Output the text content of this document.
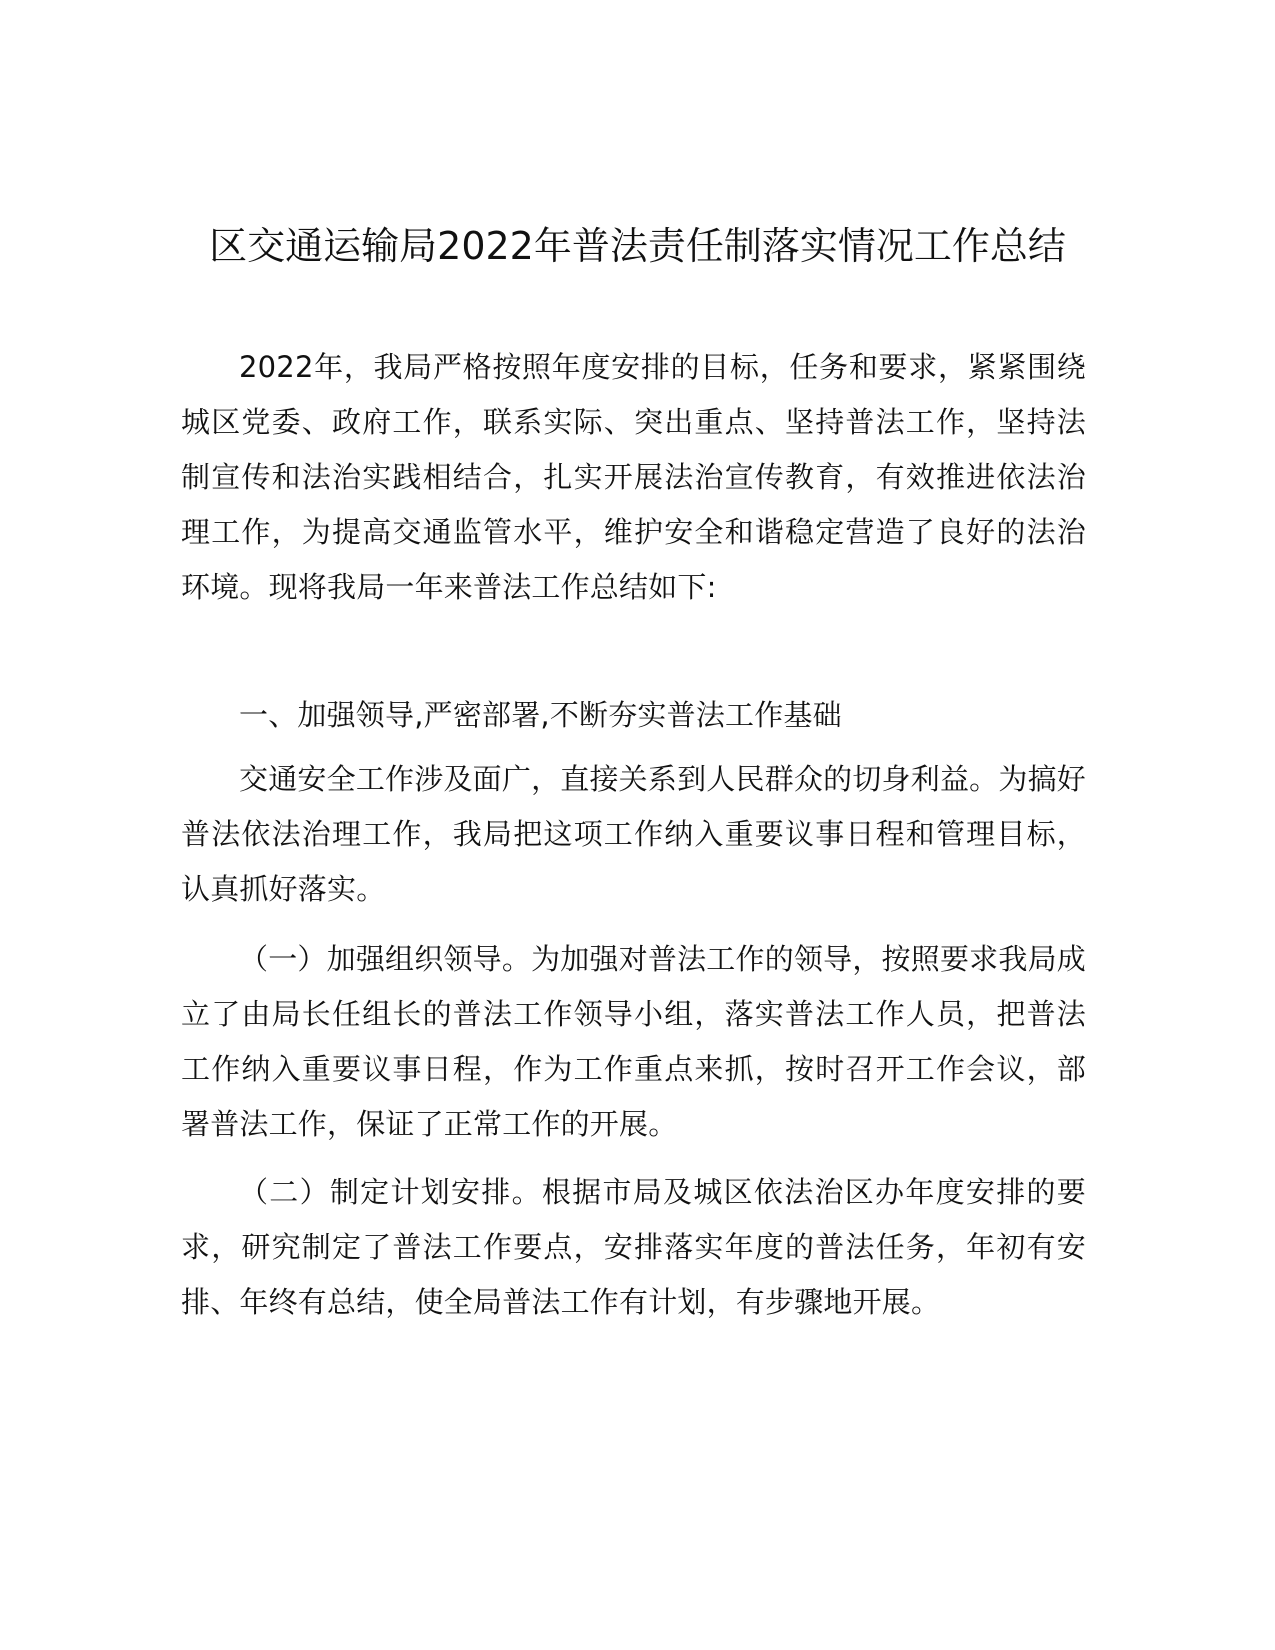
区交通运输局2022年普法责任制落实情况工作总结

2022年，我局严格按照年度安排的目标，任务和要求，紧紧围绕城区党委、政府工作，联系实际、突出重点、坚持普法工作，坚持法制宣传和法治实践相结合，扎实开展法治宣传教育，有效推进依法治理工作，为提高交通监管水平，维护安全和谐稳定营造了良好的法治环境。现将我局一年来普法工作总结如下:

一、加强领导,严密部署,不断夯实普法工作基础

交通安全工作涉及面广，直接关系到人民群众的切身利益。为搞好普法依法治理工作，我局把这项工作纳入重要议事日程和管理目标，认真抓好落实。

（一）加强组织领导。为加强对普法工作的领导，按照要求我局成立了由局长任组长的普法工作领导小组，落实普法工作人员，把普法工作纳入重要议事日程，作为工作重点来抓，按时召开工作会议，部署普法工作，保证了正常工作的开展。

（二）制定计划安排。根据市局及城区依法治区办年度安排的要求，研究制定了普法工作要点，安排落实年度的普法任务，年初有安排、年终有总结，使全局普法工作有计划，有步骤地开展。
